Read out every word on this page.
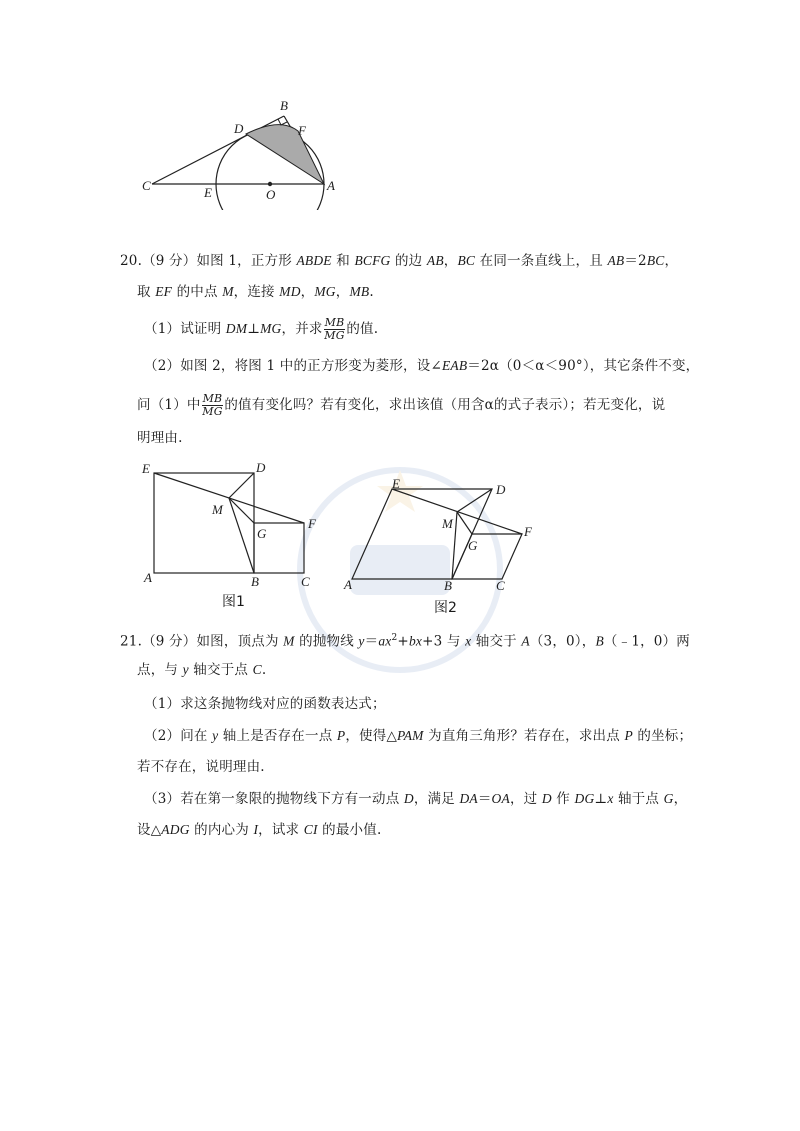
B
D	F
C	E	O
A
20.（9 分）如图 1，正方形 ABDE 和 BCFG 的边 AB，BC 在同一条直线上，且 AB＝2BC，
取 EF 的中点 M，连接 MD，MG，MB.
（1）试证明 DM⊥MG，并求 $\frac{MB}{MG}$ 的值.
（2）如图 2，将图 1 中的正方形变为菱形，设∠EAB＝2α（0＜α＜90°），其它条件不变，
问（1）中 $\frac{MB}{MG}$ 的值有变化吗？若有变化，求出该值（用含α的式子表示）；若无变化，说
明理由.
E	D
M
G
F
A	B	C
图1
E	D
M
G
F
A	B	C
图2
21.（9 分）如图，顶点为 M 的抛物线 $y=ax^2+bx+3$ 与 x 轴交于 A（3，0），B（﹣1，0）两
点，与 y 轴交于点 C.
（1）求这条抛物线对应的函数表达式；
（2）问在 y 轴上是否存在一点 P，使得△PAM 为直角三角形？若存在，求出点 P 的坐标；
若不存在，说明理由.
（3）若在第一象限的抛物线下方有一动点 D，满足 DA＝OA，过 D 作 DG⊥x 轴于点 G，
设△ADG 的内心为 I，试求 CI 的最小值.
